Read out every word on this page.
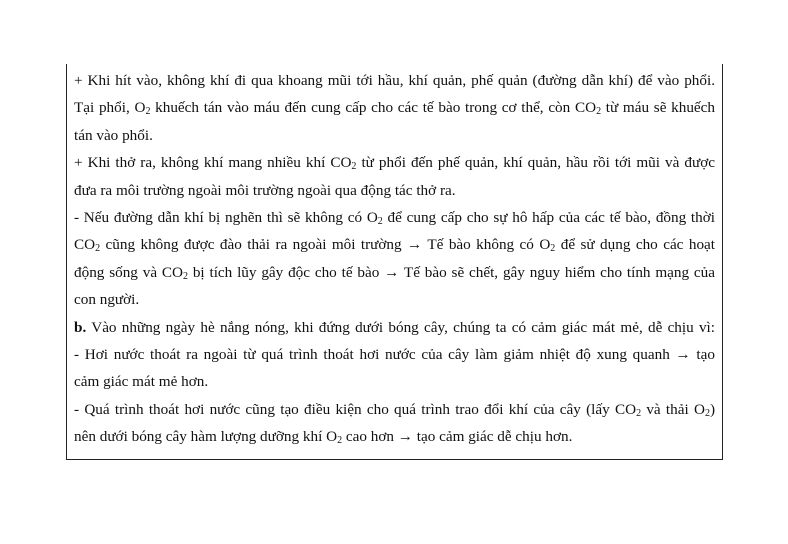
+ Khi hít vào, không khí đi qua khoang mũi tới hầu, khí quản, phế quản (đường dẫn khí) để vào phổi.
Tại phổi, $O_2$ khuếch tán vào máu đến cung cấp cho các tế bào trong cơ thể, còn $CO_2$ từ máu sẽ khuếch
tán vào phổi.
+ Khi thở ra, không khí mang nhiều khí $CO_2$ từ phổi đến phế quản, khí quản, hầu rồi tới mũi và được
đưa ra môi trường ngoài môi trường ngoài qua động tác thở ra.
- Nếu đường dẫn khí bị nghẽn thì sẽ không có $O_2$ để cung cấp cho sự hô hấp của các tế bào, đồng thời
$CO_2$ cũng không được đào thải ra ngoài môi trường → Tế bào không có $O_2$ để sử dụng cho các hoạt
động sống và $CO_2$ bị tích lũy gây độc cho tế bào → Tế bào sẽ chết, gây nguy hiểm cho tính mạng của
con người.
b. Vào những ngày hè nắng nóng, khi đứng dưới bóng cây, chúng ta có cảm giác mát mẻ, dễ chịu vì:
- Hơi nước thoát ra ngoài từ quá trình thoát hơi nước của cây làm giảm nhiệt độ xung quanh → tạo
cảm giác mát mẻ hơn.
- Quá trình thoát hơi nước cũng tạo điều kiện cho quá trình trao đổi khí của cây (lấy $CO_2$ và thải $O_2$)
nên dưới bóng cây hàm lượng dưỡng khí $O_2$ cao hơn → tạo cảm giác dễ chịu hơn.
